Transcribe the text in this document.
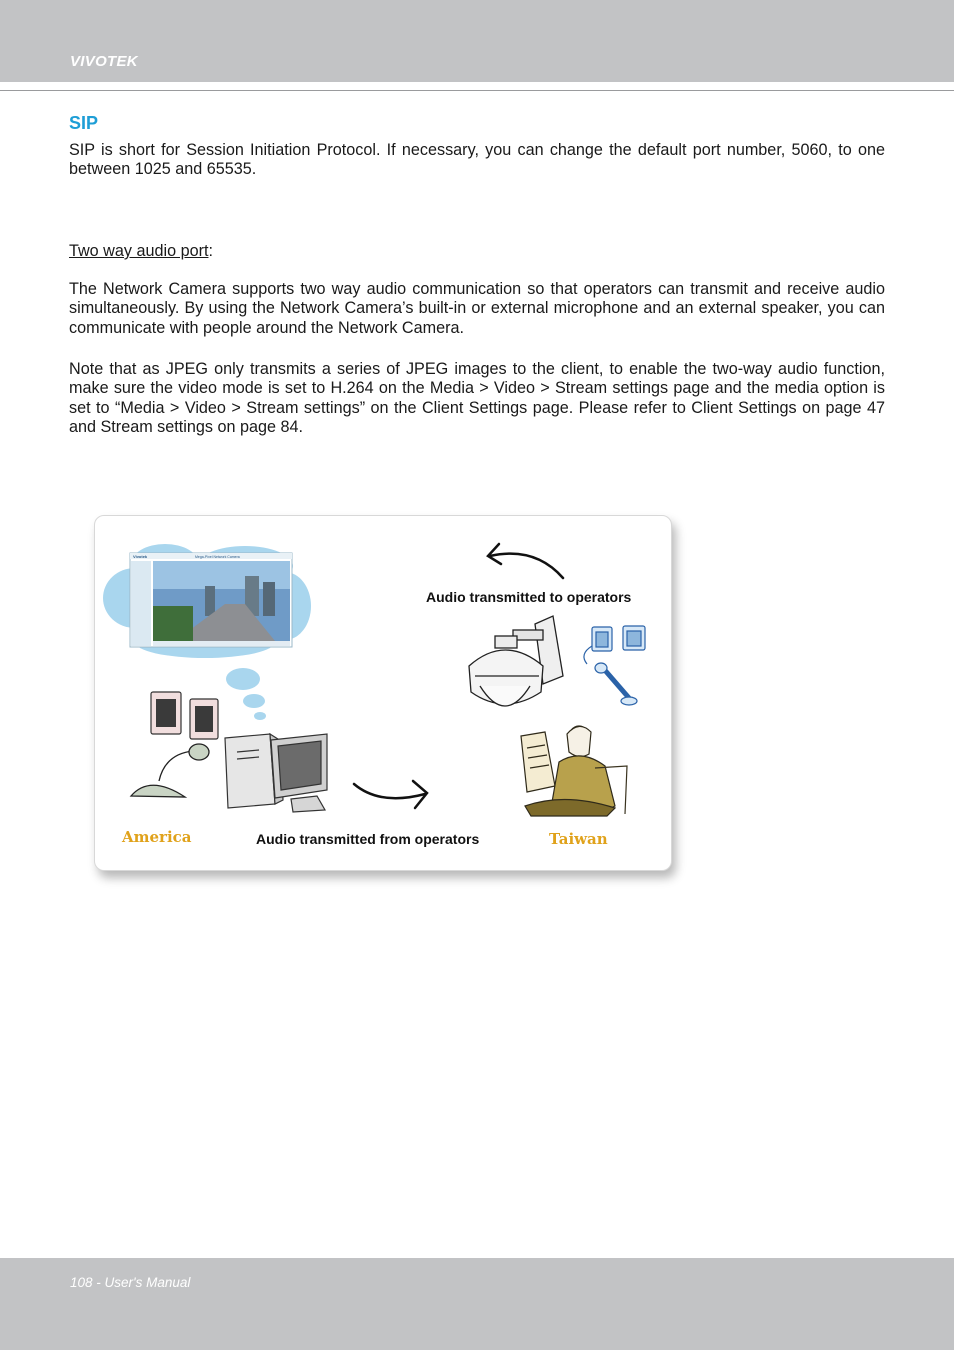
VIVOTEK
SIP

SIP is short for Session Initiation Protocol. If necessary, you can change the default port number, 5060, to one between 1025 and 65535.

Two way audio port:

The Network Camera supports two way audio communication so that operators can transmit and receive audio simultaneously. By using the Network Camera’s built-in or external microphone and an external speaker, you can communicate with people around the Network Camera.

Note that as JPEG only transmits a series of JPEG images to the client, to enable the two-way audio function, make sure the video mode is set to H.264 on the Media > Video > Stream settings page and the media option is set to “Media > Video > Stream settings” on the Client Settings page. Please refer to Client Settings on page 47 and Stream settings on page 84.

Vivotek	Mega-Pixel Network Camera
Audio transmitted to operators
Audio transmitted from operators
America	Taiwan
108 - User's Manual
